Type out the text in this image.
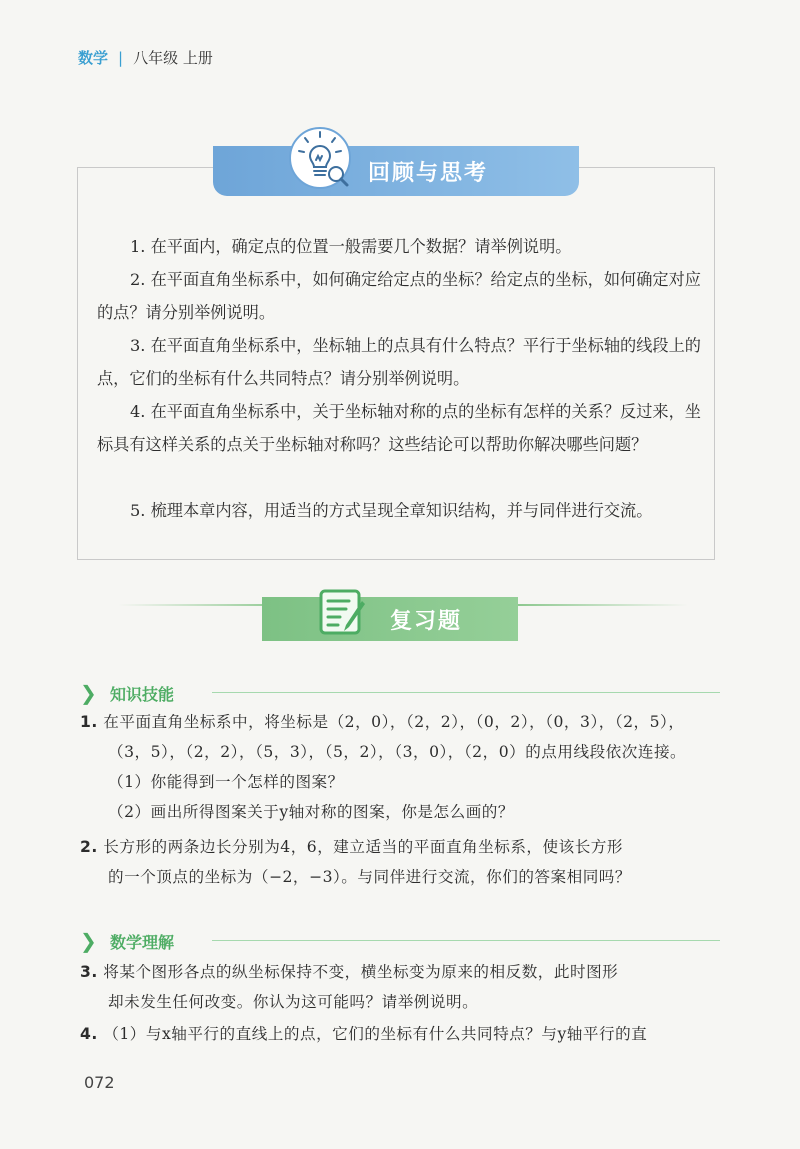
数学 | 八年级 上册
回顾与思考

1. 在平面内，确定点的位置一般需要几个数据？请举例说明。

2. 在平面直角坐标系中，如何确定给定点的坐标？给定点的坐标，如何确定对应的点？请分别举例说明。

3. 在平面直角坐标系中，坐标轴上的点具有什么特点？平行于坐标轴的线段上的点，它们的坐标有什么共同特点？请分别举例说明。

4. 在平面直角坐标系中，关于坐标轴对称的点的坐标有怎样的关系？反过来，坐标具有这样关系的点关于坐标轴对称吗？这些结论可以帮助你解决哪些问题？

5. 梳理本章内容，用适当的方式呈现全章知识结构，并与同伴进行交流。

复习题
❯ 知识技能
1. 在平面直角坐标系中，将坐标是（2，0），（2，2），（0，2），（0，3），（2，5），
（3，5），（2，2），（5，3），（5，2），（3，0），（2，0）的点用线段依次连接。
（1）你能得到一个怎样的图案？
（2）画出所得图案关于y轴对称的图案，你是怎么画的？
2. 长方形的两条边长分别为4，6，建立适当的平面直角坐标系，使该长方形
的一个顶点的坐标为（−2，−3）。与同伴进行交流，你们的答案相同吗？
❯ 数学理解
3. 将某个图形各点的纵坐标保持不变，横坐标变为原来的相反数，此时图形
却未发生任何改变。你认为这可能吗？请举例说明。
4. （1）与x轴平行的直线上的点，它们的坐标有什么共同特点？与y轴平行的直
072
